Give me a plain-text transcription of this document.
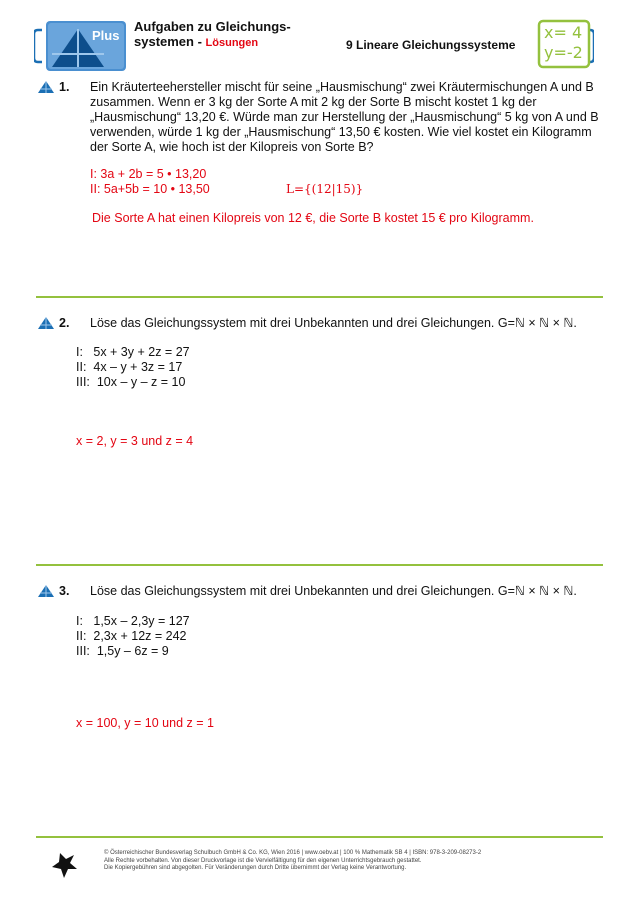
Plus
Aufgaben zu Gleichungs-
systemen - Lösungen	9 Lineare Gleichungssysteme
x= 4
y=-2
1. Ein Kräuterteehersteller mischt für seine „Hausmischung“ zwei Kräutermischungen A und B zusammen. Wenn er 3 kg der Sorte A mit 2 kg der Sorte B mischt kostet 1 kg der „Hausmischung“ 13,20 €. Würde man zur Herstellung der „Hausmischung“ 5 kg von A und B verwenden, würde 1 kg der „Hausmischung“ 13,50 € kosten. Wie viel kostet ein Kilogramm der Sorte A, wie hoch ist der Kilopreis von Sorte B?
I: 3a + 2b = 5 • 13,20
II: 5a+5b = 10 • 13,50	L={(12|15)}
Die Sorte A hat einen Kilopreis von 12 €, die Sorte B kostet 15 € pro Kilogramm.
2. Löse das Gleichungssystem mit drei Unbekannten und drei Gleichungen. G=ℕ × ℕ × ℕ.
I:   5x + 3y + 2z = 27
II:  4x – y + 3z = 17
III:  10x – y – z = 10
x = 2, y = 3 und z = 4
3. Löse das Gleichungssystem mit drei Unbekannten und drei Gleichungen. G=ℕ × ℕ × ℕ.
I:   1,5x – 2,3y = 127
II:  2,3x + 12z = 242
III:  1,5y – 6z = 9
x = 100, y = 10 und z = 1
© Österreichischer Bundesverlag Schulbuch GmbH & Co. KG, Wien 2016 | www.oebv.at | 100 % Mathematik SB 4 | ISBN: 978-3-209-08273-2
Alle Rechte vorbehalten. Von dieser Druckvorlage ist die Vervielfältigung für den eigenen Unterrichtsgebrauch gestattet.
Die Kopiergebühren sind abgegolten. Für Veränderungen durch Dritte übernimmt der Verlag keine Verantwortung.
